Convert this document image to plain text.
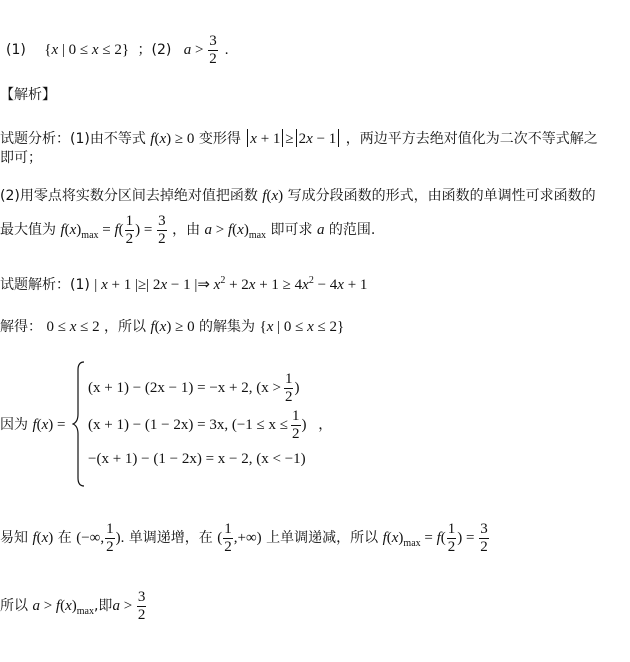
(1) {x | 0 ≤ x ≤ 2} ；(2) $a > \frac{3}{2}$ .
【解析】
试题分析：(1)由不等式 f(x) ≥ 0 变形得 x + 1 ≥ 2x − 1 ，两边平方去绝对值化为二次不等式解之
即可；
(2)用零点将实数分区间去掉绝对值把函数 f(x) 写成分段函数的形式，由函数的单调性可求函数的
最大值为 $f(x)_{max} = f( \frac{1}{2}$ ) = $\frac{3}{2}$ ，由 $a > f(x)_{max}$ 即可求 a 的范围.
试题解析：(1) | x + 1 |≥| 2x − 1 |⇒ $x^2 + 2x + 1 \ge 4x^2 - 4x + 1$
解得： 0 ≤ x ≤ 2 ，所以 f(x) ≥ 0 的解集为 {x | 0 ≤ x ≤ 2}
因为 f(x) =
(x + 1) − (2x − 1) = −x + 2, ($x > \frac{1}{2}$ )
(x + 1) − (1 − 2x) = 3x, ($-1 \le x \le \frac{1}{2}$ ) ，
−(x + 1) − (1 − 2x) = x − 2, (x < −1)
易知 f(x) 在 (−∞, $\frac{1}{2}$ ). 单调递增，在 ( $\frac{1}{2}$ ,+∞) 上单调递减，所以 $f(x)_{max} = f( \frac{1}{2}$ ) = $\frac{3}{2}$
所以 $a > f(x)_{max}$,即$a > \frac{3}{2}$
